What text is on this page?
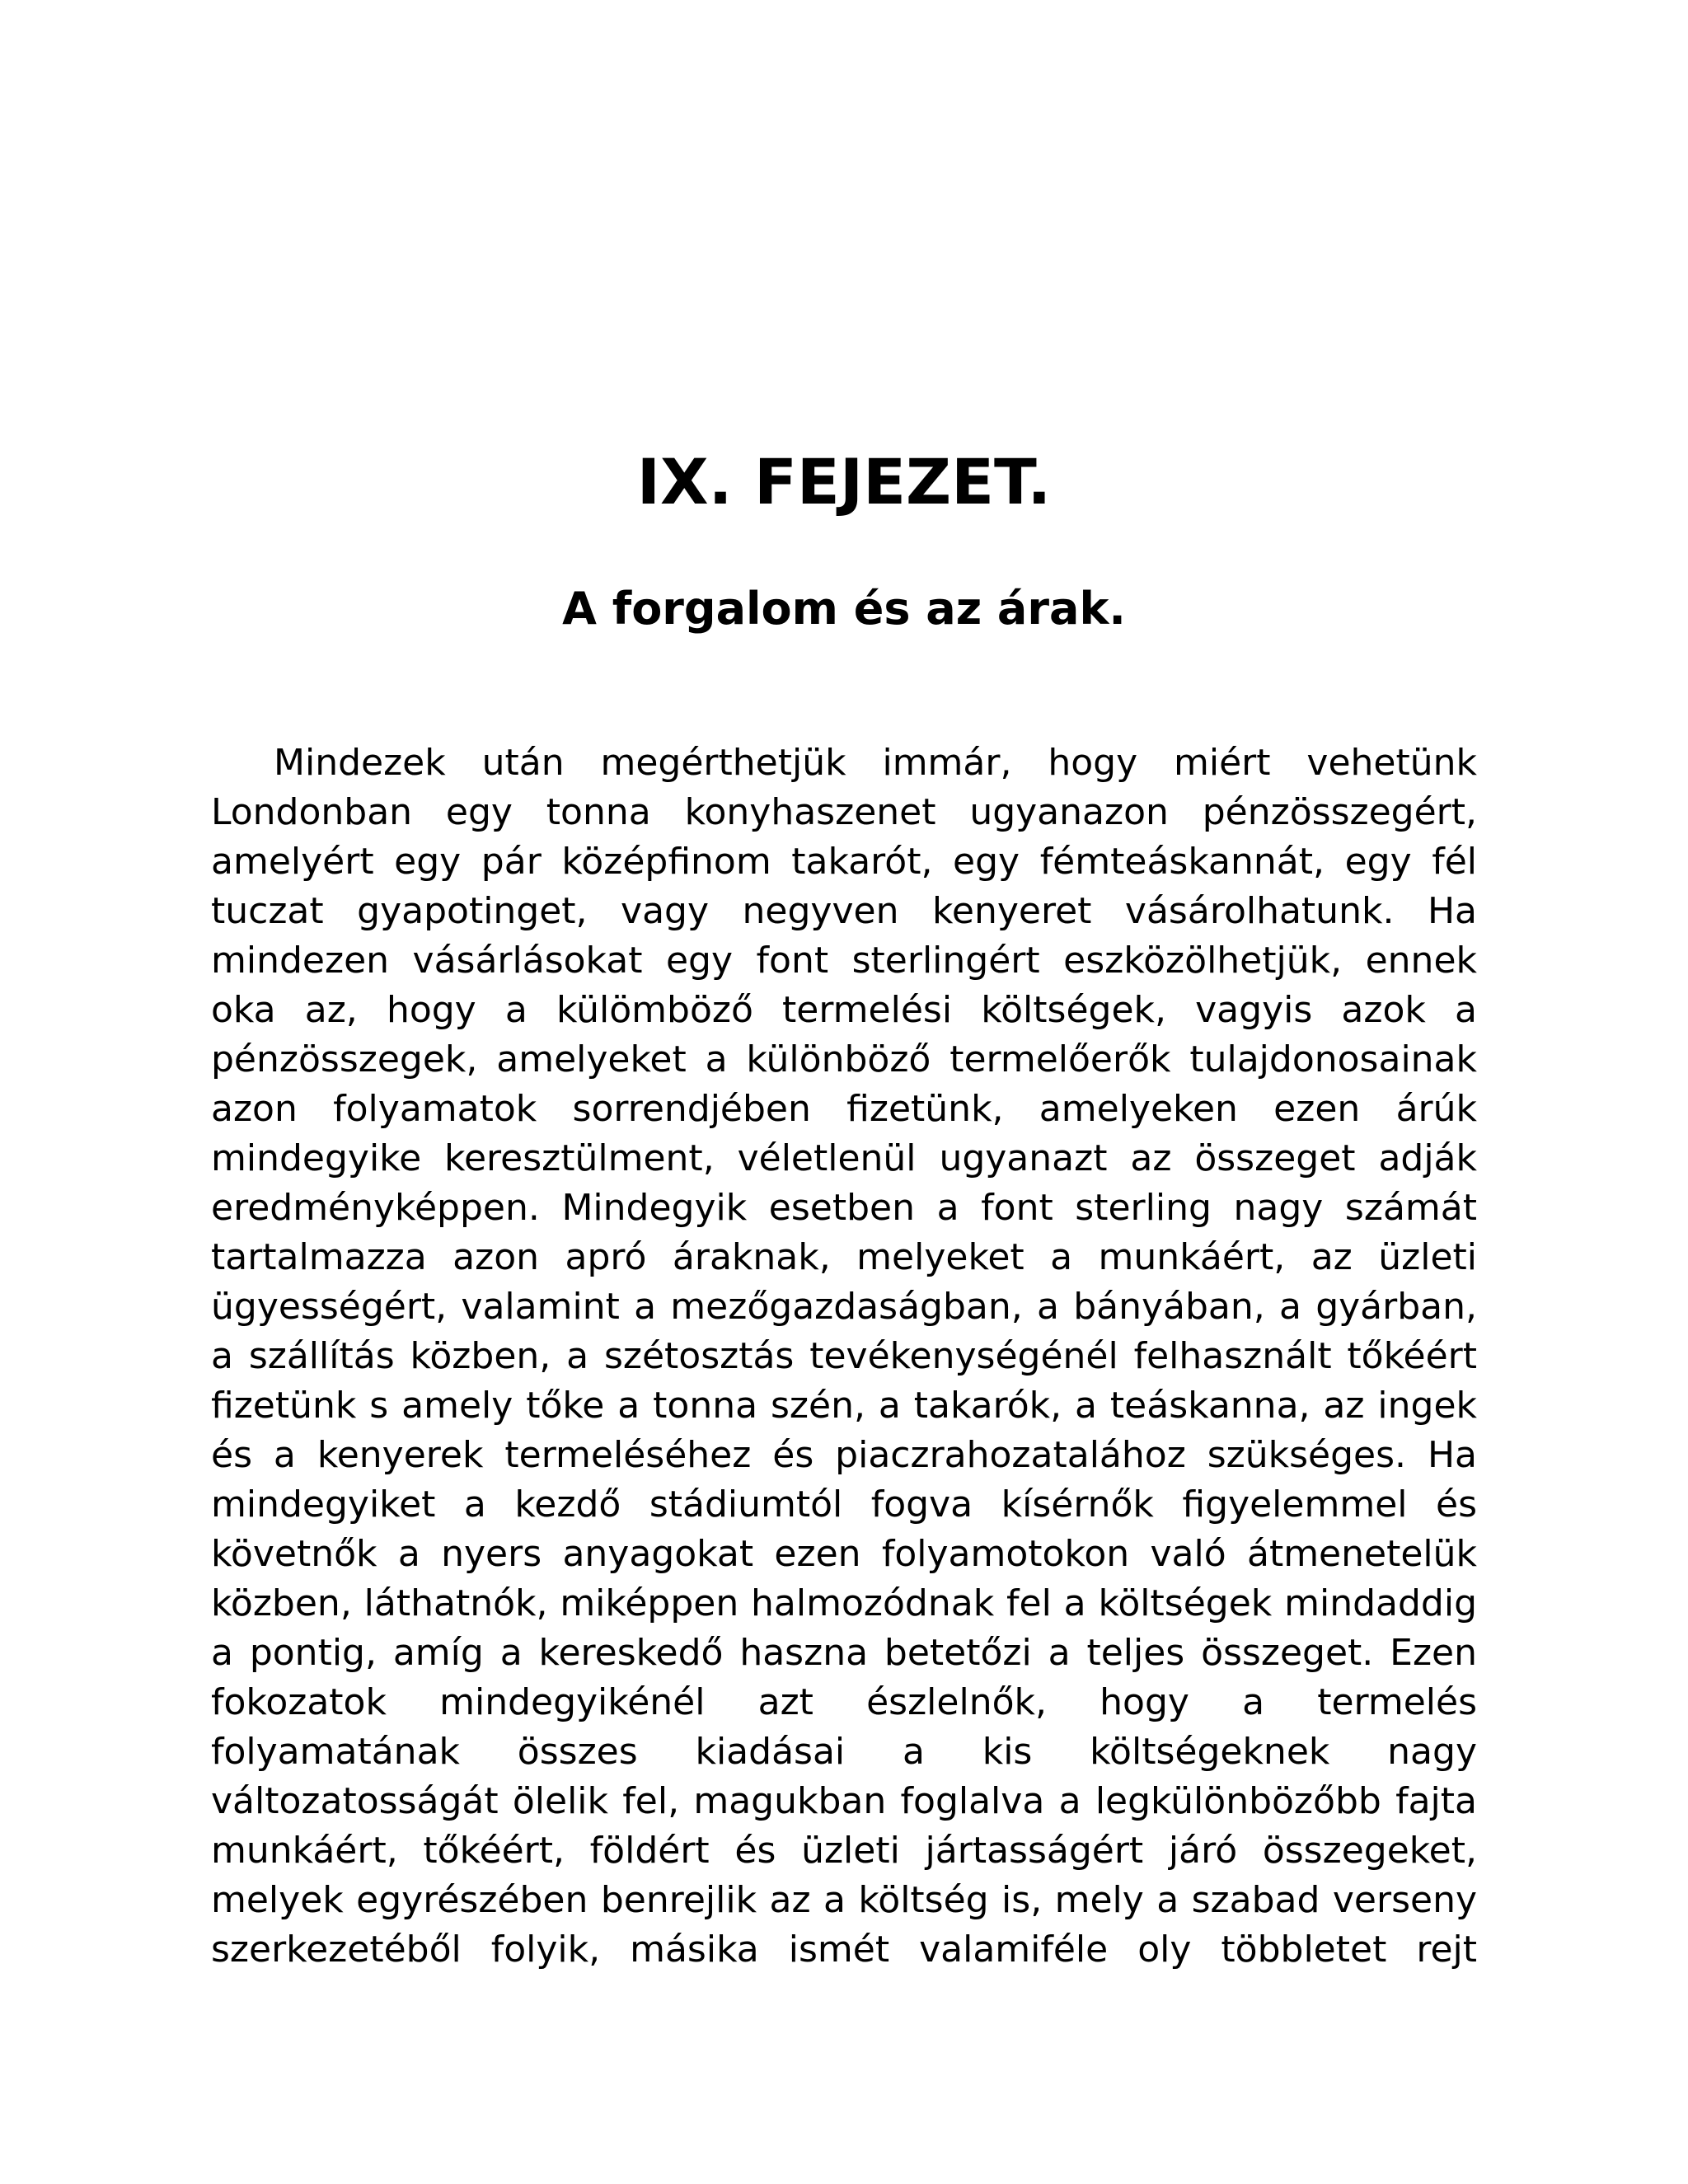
IX. FEJEZET.
A forgalom és az árak.

Mindezek után megérthetjük immár, hogy miért vehetünk Londonban egy tonna konyhaszenet ugyanazon pénzösszegért, amelyért egy pár középfinom takarót, egy fémteáskannát, egy fél tuczat gyapotinget, vagy negyven kenyeret vásárolhatunk. Ha mindezen vásárlásokat egy font sterlingért eszközölhetjük, ennek oka az, hogy a külömböző termelési költségek, vagyis azok a pénzösszegek, amelyeket a különböző termelőerők tulajdonosainak azon folyamatok sorrendjében fizetünk, amelyeken ezen árúk mindegyike keresztülment, véletlenül ugyanazt az összeget adják eredményképpen. Mindegyik esetben a font sterling nagy számát tartalmazza azon apró áraknak, melyeket a munkáért, az üzleti ügyességért, valamint a mezőgazdaságban, a bányában, a gyárban, a szállítás közben, a szétosztás tevékenységénél felhasznált tőkéért fizetünk s amely tőke a tonna szén, a takarók, a teáskanna, az ingek és a kenyerek termeléséhez és piaczrahozatalához szükséges. Ha mindegyiket a kezdő stádiumtól fogva kísérnők figyelemmel és követnők a nyers anyagokat ezen folyamotokon való átmenetelük közben, láthatnók, miképpen halmozódnak fel a költségek mindaddig a pontig, amíg a kereskedő haszna betetőzi a teljes összeget. Ezen fokozatok mindegyikénél azt észlelnők, hogy a termelés folyamatának összes kiadásai a kis költségeknek nagy változatosságát ölelik fel, magukban foglalva a legkülönbözőbb fajta munkáért, tőkéért, földért és üzleti jártasságért járó összegeket, melyek egyrészében benrejlik az a költség is, mely a szabad verseny szerkezetéből folyik, másika ismét valamiféle oly többletet rejt
